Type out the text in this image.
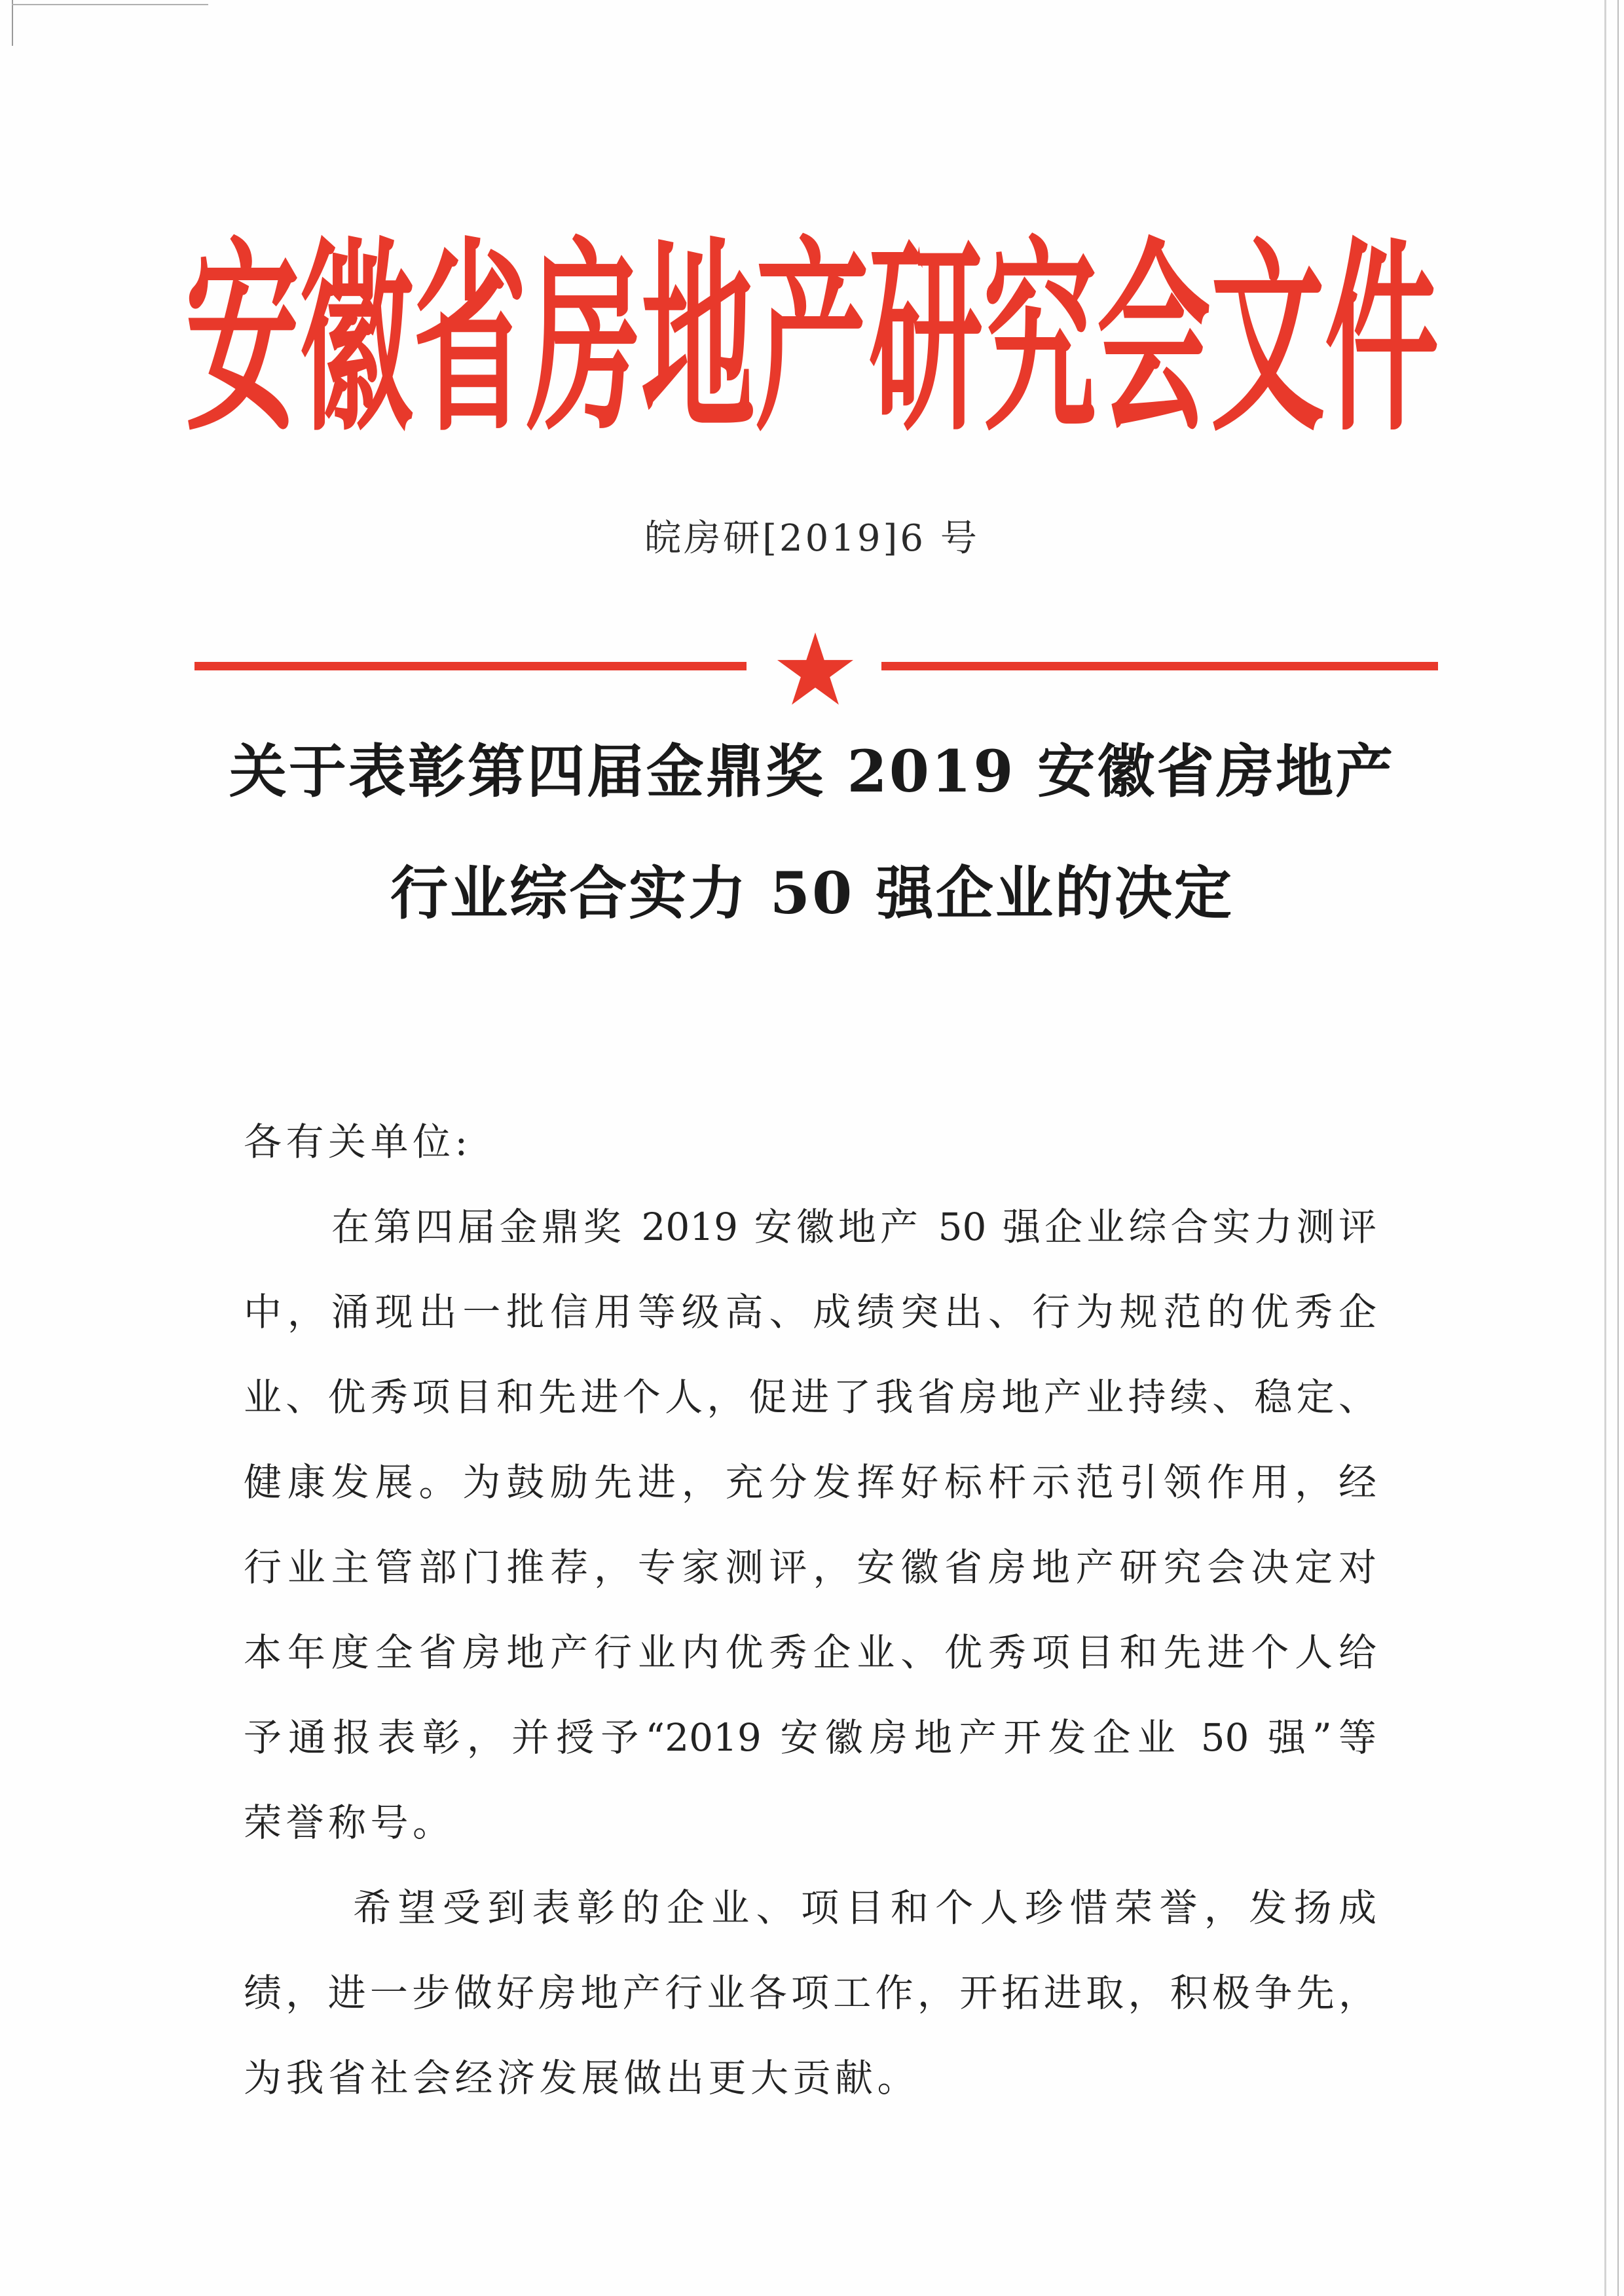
安徽省房地产研究会文件
皖房研[2019]6 号
关于表彰第四届金鼎奖 2019 安徽省房地产
行业综合实力 50 强企业的决定
各有关单位:
在第四届金鼎奖 2019 安徽地产 50 强企业综合实力测评
中，涌现出一批信用等级高、成绩突出、行为规范的优秀企
业、优秀项目和先进个人，促进了我省房地产业持续、稳定、
健康发展。为鼓励先进，充分发挥好标杆示范引领作用，经
行业主管部门推荐，专家测评，安徽省房地产研究会决定对
本年度全省房地产行业内优秀企业、优秀项目和先进个人给
予通报表彰，并授予“2019 安徽房地产开发企业 50 强”等
荣誉称号。
希望受到表彰的企业、项目和个人珍惜荣誉，发扬成
绩，进一步做好房地产行业各项工作，开拓进取，积极争先，
为我省社会经济发展做出更大贡献。
